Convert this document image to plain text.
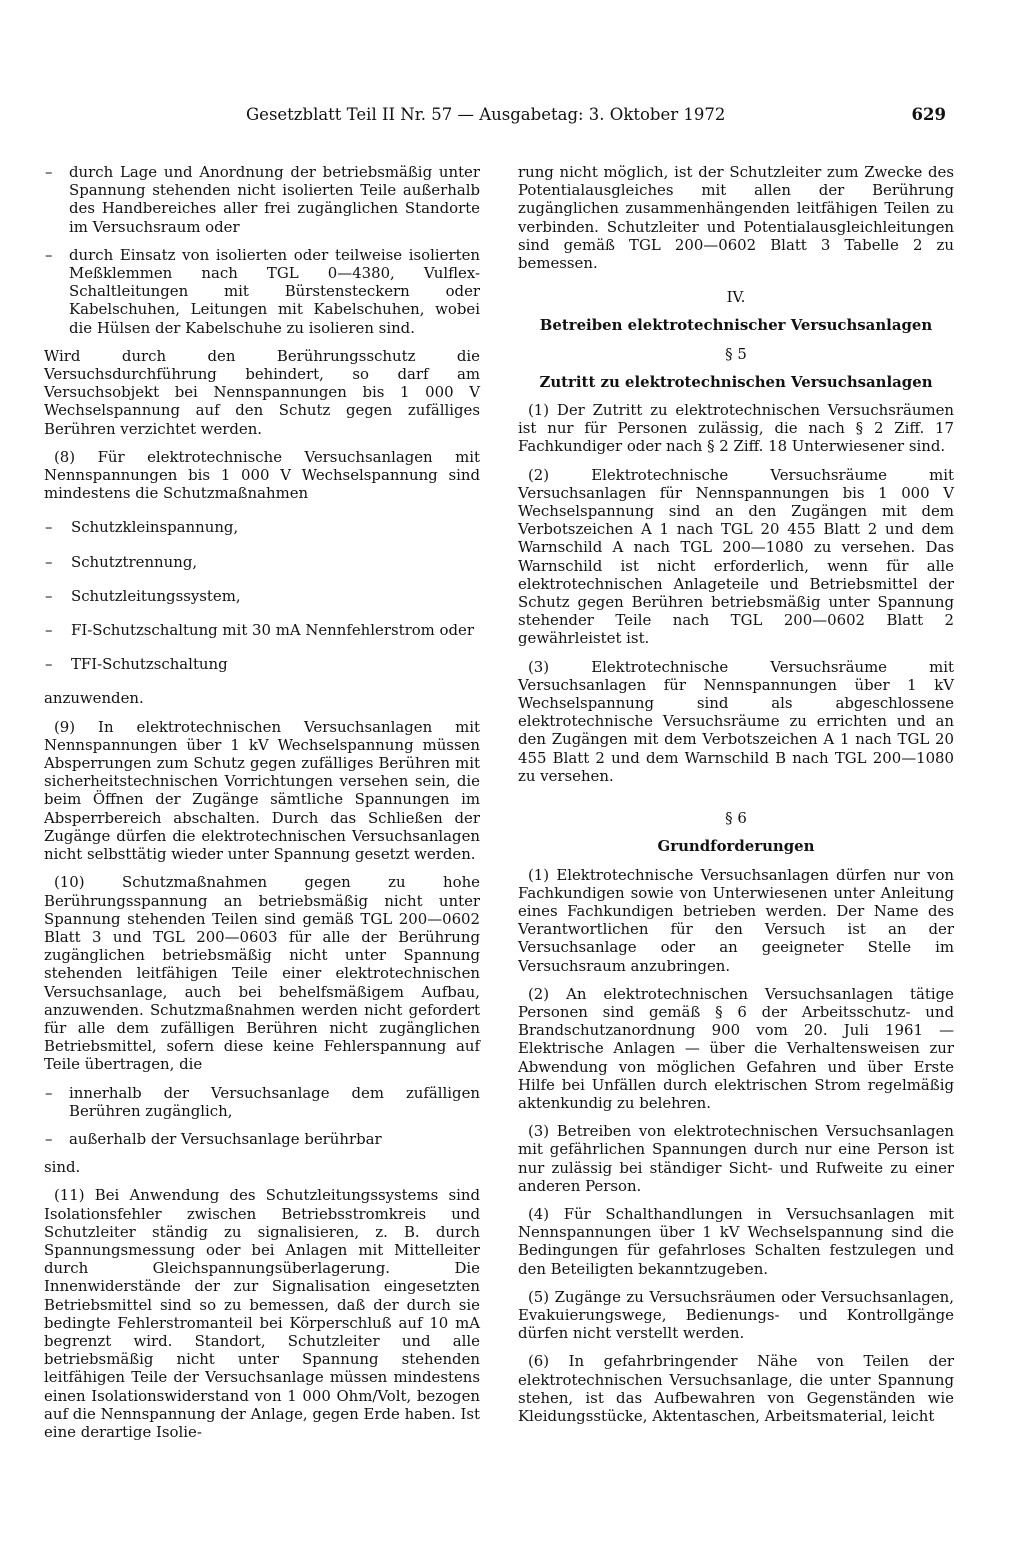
Gesetzblatt Teil II Nr. 57 — Ausgabetag: 3. Oktober 1972	629
– durch Lage und Anordnung der betriebsmäßig unter Spannung stehenden nicht isolierten Teile außerhalb des Handbereiches aller frei zugänglichen Standorte im Versuchsraum oder
– durch Einsatz von isolierten oder teilweise isolierten Meßklemmen nach TGL 0—4380, Vulflex-Schaltleitungen mit Bürstensteckern oder Kabelschuhen, Leitungen mit Kabelschuhen, wobei die Hülsen der Kabelschuhe zu isolieren sind.

Wird durch den Berührungsschutz die Versuchsdurchführung behindert, so darf am Versuchsobjekt bei Nennspannungen bis 1 000 V Wechselspannung auf den Schutz gegen zufälliges Berühren verzichtet werden.

(8) Für elektrotechnische Versuchsanlagen mit Nennspannungen bis 1 000 V Wechselspannung sind mindestens die Schutzmaßnahmen

– Schutzkleinspannung,
– Schutztrennung,
– Schutzleitungssystem,
– FI-Schutzschaltung mit 30 mA Nennfehlerstrom oder
– TFI-Schutzschaltung

anzuwenden.

(9) In elektrotechnischen Versuchsanlagen mit Nennspannungen über 1 kV Wechselspannung müssen Absperrungen zum Schutz gegen zufälliges Berühren mit sicherheitstechnischen Vorrichtungen versehen sein, die beim Öffnen der Zugänge sämtliche Spannungen im Absperrbereich abschalten. Durch das Schließen der Zugänge dürfen die elektrotechnischen Versuchsanlagen nicht selbsttätig wieder unter Spannung gesetzt werden.

(10) Schutzmaßnahmen gegen zu hohe Berührungsspannung an betriebsmäßig nicht unter Spannung stehenden Teilen sind gemäß TGL 200—0602 Blatt 3 und TGL 200—0603 für alle der Berührung zugänglichen betriebsmäßig nicht unter Spannung stehenden leitfähigen Teile einer elektrotechnischen Versuchsanlage, auch bei behelfsmäßigem Aufbau, anzuwenden. Schutzmaßnahmen werden nicht gefordert für alle dem zufälligen Berühren nicht zugänglichen Betriebsmittel, sofern diese keine Fehlerspannung auf Teile übertragen, die

– innerhalb der Versuchsanlage dem zufälligen Berühren zugänglich,
– außerhalb der Versuchsanlage berührbar

sind.

(11) Bei Anwendung des Schutzleitungssystems sind Isolationsfehler zwischen Betriebsstromkreis und Schutzleiter ständig zu signalisieren, z. B. durch Spannungsmessung oder bei Anlagen mit Mittelleiter durch Gleichspannungsüberlagerung. Die Innenwiderstände der zur Signalisation eingesetzten Betriebsmittel sind so zu bemessen, daß der durch sie bedingte Fehlerstromanteil bei Körperschluß auf 10 mA begrenzt wird. Standort, Schutzleiter und alle betriebsmäßig nicht unter Spannung stehenden leitfähigen Teile der Versuchsanlage müssen mindestens einen Isolationswiderstand von 1 000 Ohm/Volt, bezogen auf die Nennspannung der Anlage, gegen Erde haben. Ist eine derartige Isolie-

rung nicht möglich, ist der Schutzleiter zum Zwecke des Potentialausgleiches mit allen der Berührung zugänglichen zusammenhängenden leitfähigen Teilen zu verbinden. Schutzleiter und Potentialausgleichleitungen sind gemäß TGL 200—0602 Blatt 3 Tabelle 2 zu bemessen.

IV.

Betreiben elektrotechnischer Versuchsanlagen

§ 5

Zutritt zu elektrotechnischen Versuchsanlagen

(1) Der Zutritt zu elektrotechnischen Versuchsräumen ist nur für Personen zulässig, die nach § 2 Ziff. 17 Fachkundiger oder nach § 2 Ziff. 18 Unterwiesener sind.

(2) Elektrotechnische Versuchsräume mit Versuchsanlagen für Nennspannungen bis 1 000 V Wechselspannung sind an den Zugängen mit dem Verbotszeichen A 1 nach TGL 20 455 Blatt 2 und dem Warnschild A nach TGL 200—1080 zu versehen. Das Warnschild ist nicht erforderlich, wenn für alle elektrotechnischen Anlageteile und Betriebsmittel der Schutz gegen Berühren betriebsmäßig unter Spannung stehender Teile nach TGL 200—0602 Blatt 2 gewährleistet ist.

(3) Elektrotechnische Versuchsräume mit Versuchsanlagen für Nennspannungen über 1 kV Wechselspannung sind als abgeschlossene elektrotechnische Versuchsräume zu errichten und an den Zugängen mit dem Verbotszeichen A 1 nach TGL 20 455 Blatt 2 und dem Warnschild B nach TGL 200—1080 zu versehen.

§ 6

Grundforderungen

(1) Elektrotechnische Versuchsanlagen dürfen nur von Fachkundigen sowie von Unterwiesenen unter Anleitung eines Fachkundigen betrieben werden. Der Name des Verantwortlichen für den Versuch ist an der Versuchsanlage oder an geeigneter Stelle im Versuchsraum anzubringen.

(2) An elektrotechnischen Versuchsanlagen tätige Personen sind gemäß § 6 der Arbeitsschutz- und Brandschutzanordnung 900 vom 20. Juli 1961 — Elektrische Anlagen — über die Verhaltensweisen zur Abwendung von möglichen Gefahren und über Erste Hilfe bei Unfällen durch elektrischen Strom regelmäßig aktenkundig zu belehren.

(3) Betreiben von elektrotechnischen Versuchsanlagen mit gefährlichen Spannungen durch nur eine Person ist nur zulässig bei ständiger Sicht- und Rufweite zu einer anderen Person.

(4) Für Schalthandlungen in Versuchsanlagen mit Nennspannungen über 1 kV Wechselspannung sind die Bedingungen für gefahrloses Schalten festzulegen und den Beteiligten bekanntzugeben.

(5) Zugänge zu Versuchsräumen oder Versuchsanlagen, Evakuierungswege, Bedienungs- und Kontrollgänge dürfen nicht verstellt werden.

(6) In gefahrbringender Nähe von Teilen der elektrotechnischen Versuchsanlage, die unter Spannung stehen, ist das Aufbewahren von Gegenständen wie Kleidungsstücke, Aktentaschen, Arbeitsmaterial, leicht
